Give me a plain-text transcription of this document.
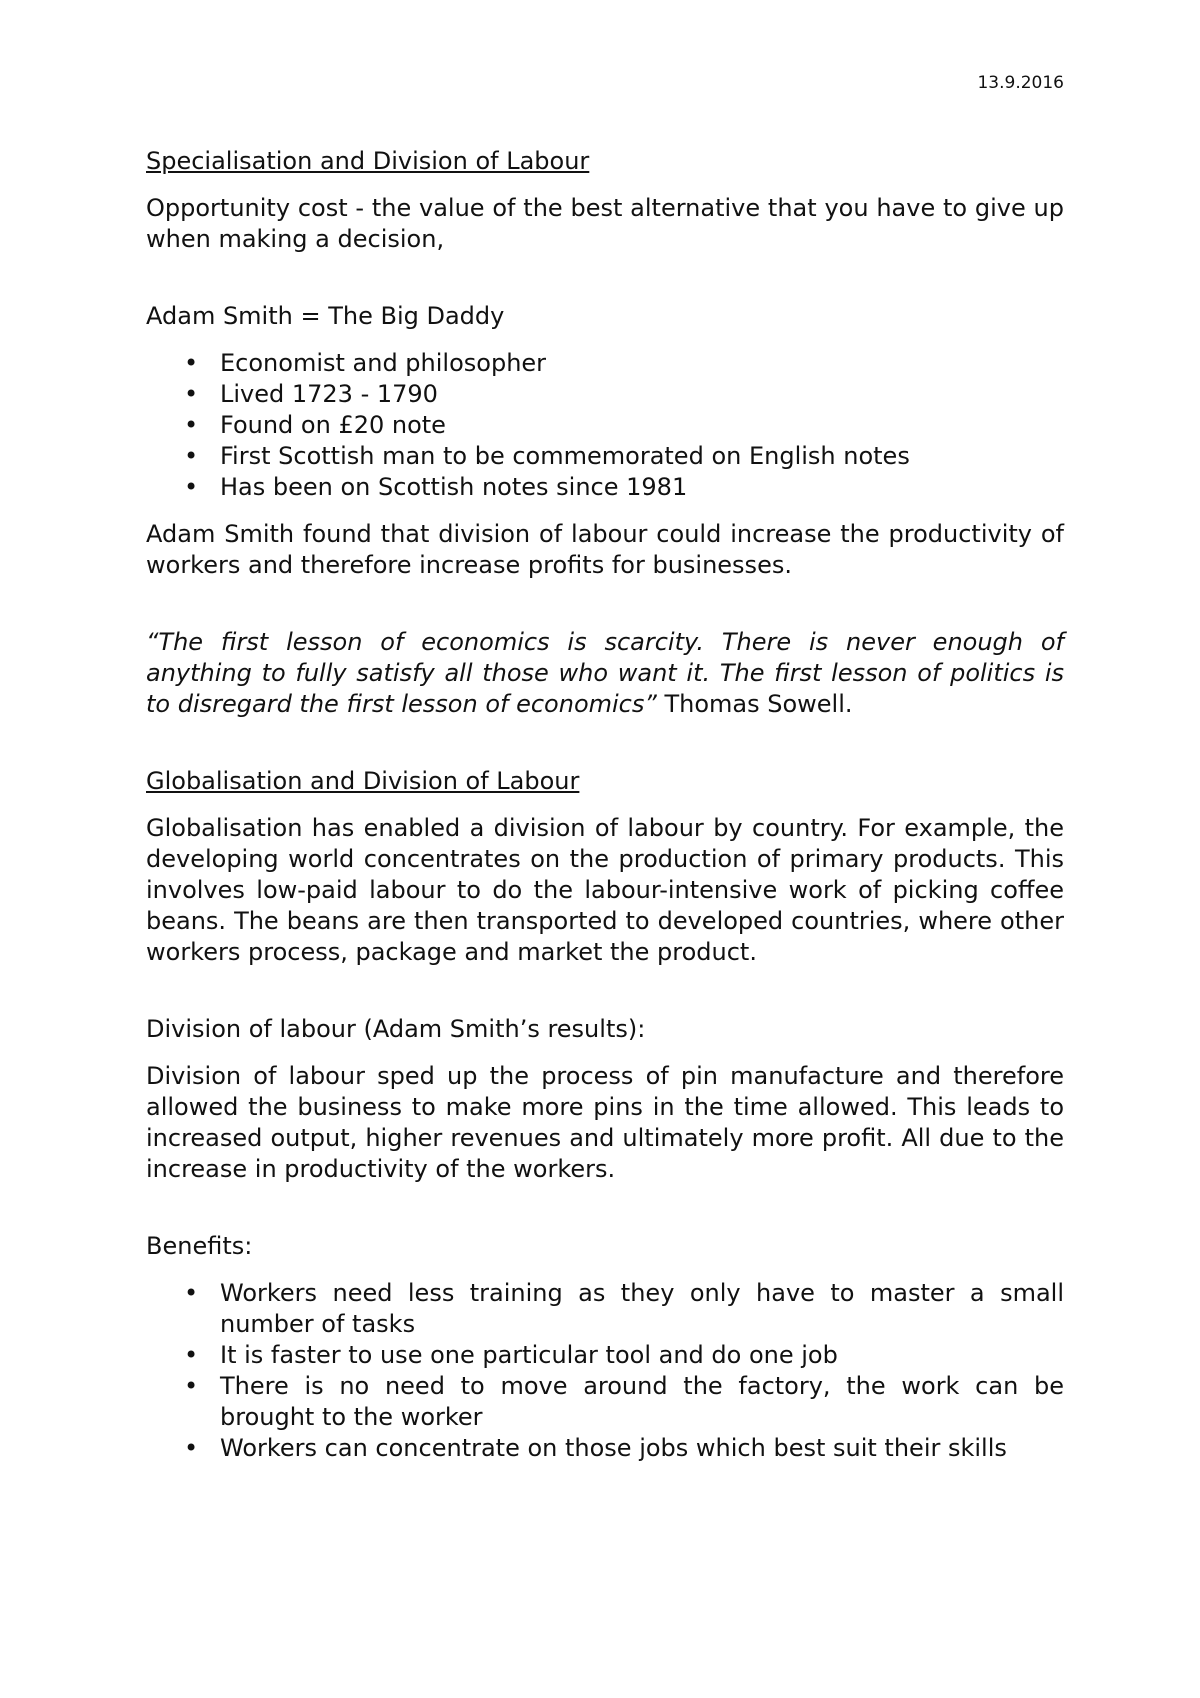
13.9.2016

Specialisation and Division of Labour

Opportunity cost - the value of the best alternative that you have to give up when making a decision,

Adam Smith = The Big Daddy

• Economist and philosopher
• Lived 1723 - 1790
• Found on £20 note
• First Scottish man to be commemorated on English notes
• Has been on Scottish notes since 1981

Adam Smith found that division of labour could increase the productivity of workers and therefore increase profits for businesses.

“The first lesson of economics is scarcity. There is never enough of anything to fully satisfy all those who want it. The first lesson of politics is to disregard the first lesson of economics” Thomas Sowell.

Globalisation and Division of Labour

Globalisation has enabled a division of labour by country. For example, the developing world concentrates on the production of primary products. This involves low-paid labour to do the labour-intensive work of picking coffee beans. The beans are then transported to developed countries, where other workers process, package and market the product.

Division of labour (Adam Smith’s results):

Division of labour sped up the process of pin manufacture and therefore allowed the business to make more pins in the time allowed. This leads to increased output, higher revenues and ultimately more profit. All due to the increase in productivity of the workers.

Benefits:

• Workers need less training as they only have to master a small number of tasks
• It is faster to use one particular tool and do one job
• There is no need to move around the factory, the work can be brought to the worker
• Workers can concentrate on those jobs which best suit their skills
